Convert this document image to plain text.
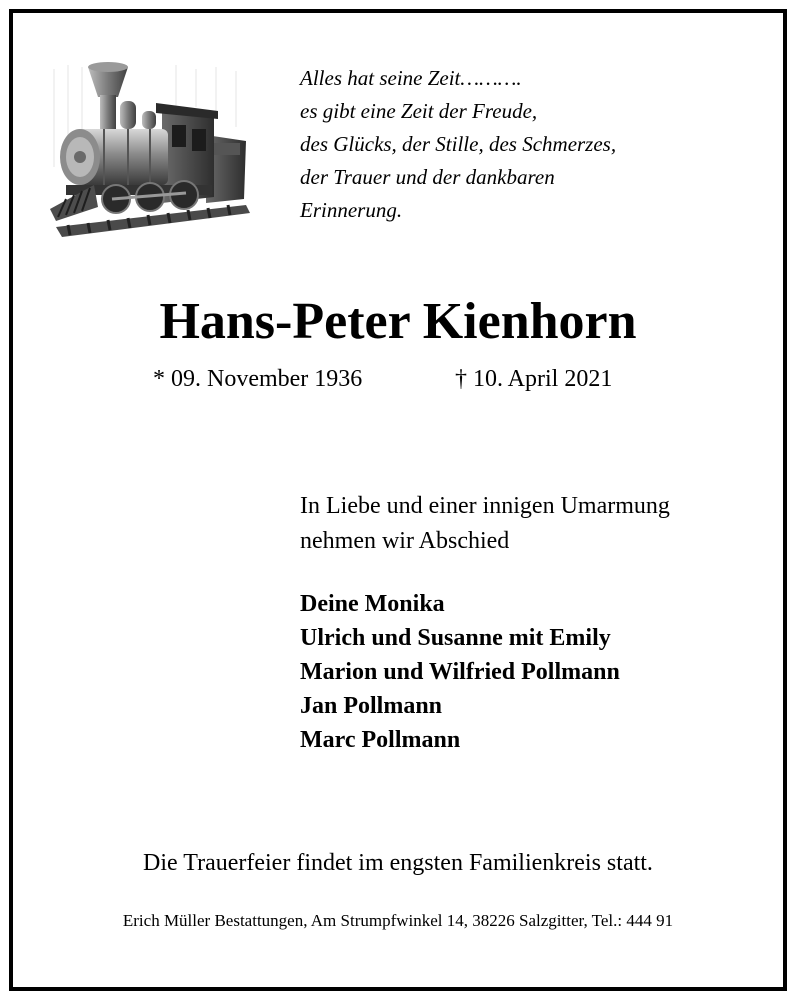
Alles hat seine Zeit……….
es gibt eine Zeit der Freude,
des Glücks, der Stille, des Schmerzes,
der Trauer und der dankbaren
Erinnerung.
Hans-Peter Kienhorn
* 09. November 1936	† 10. April 2021
In Liebe und einer innigen Umarmung
nehmen wir Abschied
Deine Monika
Ulrich und Susanne mit Emily
Marion und Wilfried Pollmann
Jan Pollmann
Marc Pollmann
Die Trauerfeier findet im engsten Familienkreis statt.
Erich Müller Bestattungen, Am Strumpfwinkel 14, 38226 Salzgitter, Tel.: 444 91
